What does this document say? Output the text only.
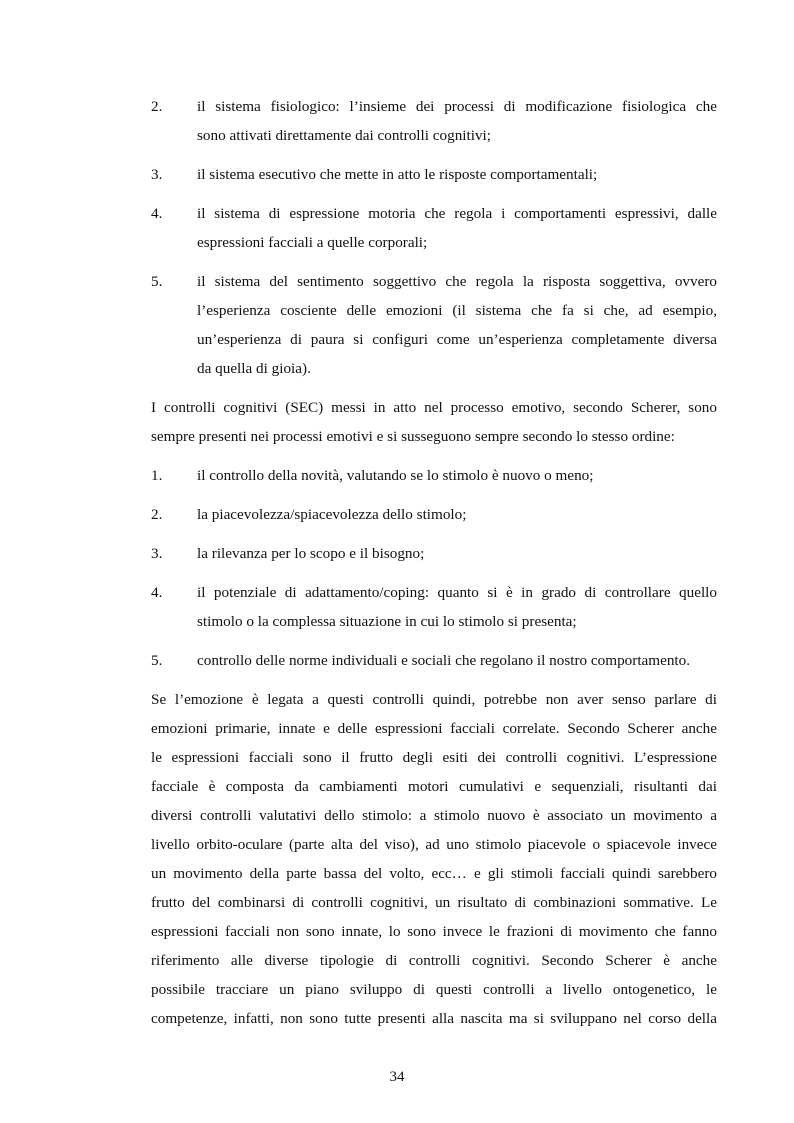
2. il sistema fisiologico: l’insieme dei processi di modificazione fisiologica che
sono attivati direttamente dai controlli cognitivi;
3. il sistema esecutivo che mette in atto le risposte comportamentali;
4. il sistema di espressione motoria che regola i comportamenti espressivi, dalle
espressioni facciali a quelle corporali;
5. il sistema del sentimento soggettivo che regola la risposta soggettiva, ovvero
l’esperienza cosciente delle emozioni (il sistema che fa si che, ad esempio,
un’esperienza di paura si configuri come un’esperienza completamente diversa
da quella di gioia).
I controlli cognitivi (SEC) messi in atto nel processo emotivo, secondo Scherer, sono
sempre presenti nei processi emotivi e si susseguono sempre secondo lo stesso ordine:
1. il controllo della novità, valutando se lo stimolo è nuovo o meno;
2. la piacevolezza/spiacevolezza dello stimolo;
3. la rilevanza per lo scopo e il bisogno;
4. il potenziale di adattamento/coping: quanto si è in grado di controllare quello
stimolo o la complessa situazione in cui lo stimolo si presenta;
5. controllo delle norme individuali e sociali che regolano il nostro comportamento.
Se l’emozione è legata a questi controlli quindi, potrebbe non aver senso parlare di
emozioni primarie, innate e delle espressioni facciali correlate. Secondo Scherer anche
le espressioni facciali sono il frutto degli esiti dei controlli cognitivi. L’espressione
facciale è composta da cambiamenti motori cumulativi e sequenziali, risultanti dai
diversi controlli valutativi dello stimolo: a stimolo nuovo è associato un movimento a
livello orbito-oculare (parte alta del viso), ad uno stimolo piacevole o spiacevole invece
un movimento della parte bassa del volto, ecc… e gli stimoli facciali quindi sarebbero
frutto del combinarsi di controlli cognitivi, un risultato di combinazioni sommative. Le
espressioni facciali non sono innate, lo sono invece le frazioni di movimento che fanno
riferimento alle diverse tipologie di controlli cognitivi. Secondo Scherer è anche
possibile tracciare un piano sviluppo di questi controlli a livello ontogenetico, le
competenze, infatti, non sono tutte presenti alla nascita ma si sviluppano nel corso della
34
